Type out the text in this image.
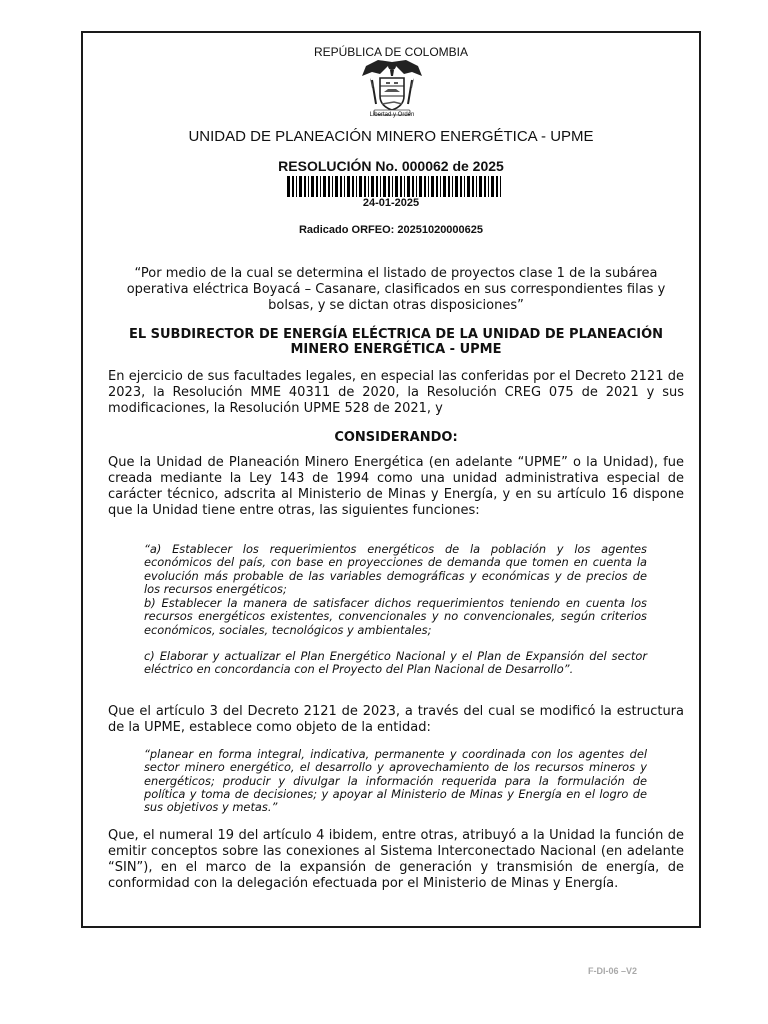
REPÚBLICA DE COLOMBIA
Libertad y Orden
UNIDAD DE PLANEACIÓN MINERO ENERGÉTICA - UPME
RESOLUCIÓN No. 000062 de 2025
24-01-2025
Radicado ORFEO: 20251020000625
“Por medio de la cual se determina el listado de proyectos clase 1 de la subárea operativa eléctrica Boyacá – Casanare, clasificados en sus correspondientes filas y bolsas, y se dictan otras disposiciones”
EL SUBDIRECTOR DE ENERGÍA ELÉCTRICA DE LA UNIDAD DE PLANEACIÓN MINERO ENERGÉTICA - UPME
En ejercicio de sus facultades legales, en especial las conferidas por el Decreto 2121 de 2023, la Resolución MME 40311 de 2020, la Resolución CREG 075 de 2021 y sus modificaciones, la Resolución UPME 528 de 2021, y
CONSIDERANDO:
Que la Unidad de Planeación Minero Energética (en adelante “UPME” o la Unidad), fue creada mediante la Ley 143 de 1994 como una unidad administrativa especial de carácter técnico, adscrita al Ministerio de Minas y Energía, y en su artículo 16 dispone que la Unidad tiene entre otras, las siguientes funciones:
“a) Establecer los requerimientos energéticos de la población y los agentes económicos del país, con base en proyecciones de demanda que tomen en cuenta la evolución más probable de las variables demográficas y económicas y de precios de los recursos energéticos;
b) Establecer la manera de satisfacer dichos requerimientos teniendo en cuenta los recursos energéticos existentes, convencionales y no convencionales, según criterios económicos, sociales, tecnológicos y ambientales;
c) Elaborar y actualizar el Plan Energético Nacional y el Plan de Expansión del sector eléctrico en concordancia con el Proyecto del Plan Nacional de Desarrollo”.
Que el artículo 3 del Decreto 2121 de 2023, a través del cual se modificó la estructura de la UPME, establece como objeto de la entidad:
“planear en forma integral, indicativa, permanente y coordinada con los agentes del sector minero energético, el desarrollo y aprovechamiento de los recursos mineros y energéticos; producir y divulgar la información requerida para la formulación de política y toma de decisiones; y apoyar al Ministerio de Minas y Energía en el logro de sus objetivos y metas.”
Que, el numeral 19 del artículo 4 ibidem, entre otras, atribuyó a la Unidad la función de emitir conceptos sobre las conexiones al Sistema Interconectado Nacional (en adelante “SIN”), en el marco de la expansión de generación y transmisión de energía, de conformidad con la delegación efectuada por el Ministerio de Minas y Energía.
F-DI-06 –V2
